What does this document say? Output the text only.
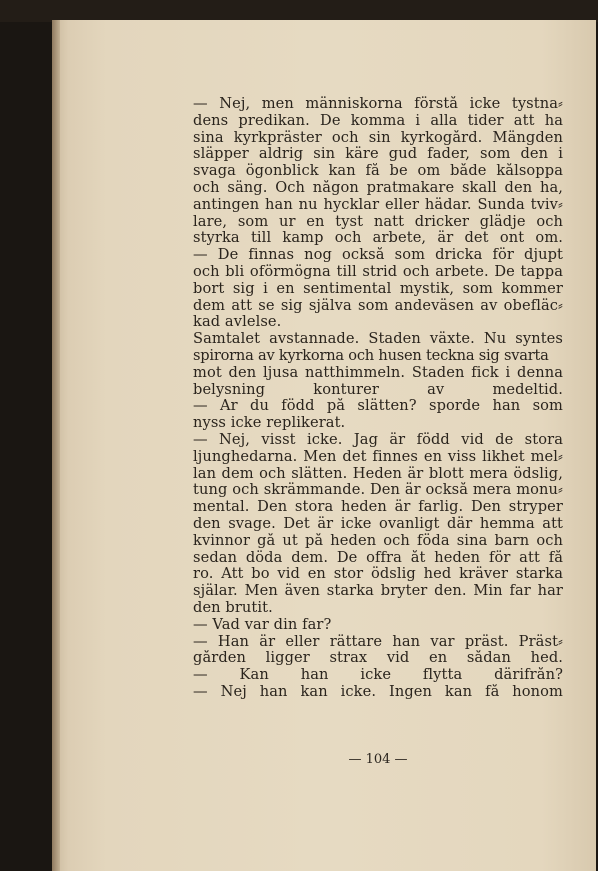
— Nej, men människorna förstå icke tystna⸗
dens predikan. De komma i alla tider att ha
sina kyrkpräster och sin kyrkogård. Mängden
släpper aldrig sin käre gud fader, som den i
svaga ögonblick kan få be om både kålsoppa
och säng. Och någon pratmakare skall den ha,
antingen han nu hycklar eller hädar. Sunda tviv⸗
lare, som ur en tyst natt dricker glädje och
styrka till kamp och arbete, är det ont om.
— De finnas nog också som dricka för djupt
och bli oförmögna till strid och arbete. De tappa
bort sig i en sentimental mystik, som kommer
dem att se sig själva som andeväsen av obefläc⸗
kad avlelse.
Samtalet avstannade. Staden växte. Nu syntes
spirorna av kyrkorna och husen teckna sig svarta
mot den ljusa natthimmeln. Staden fick i denna
belysning konturer av medeltid.
— Är du född på slätten? sporde han som
nyss icke replikerat.
— Nej, visst icke. Jag är född vid de stora
ljunghedarna. Men det finnes en viss likhet mel⸗
lan dem och slätten. Heden är blott mera ödslig,
tung och skrämmande. Den är också mera monu⸗
mental. Den stora heden är farlig. Den stryper
den svage. Det är icke ovanligt där hemma att
kvinnor gå ut på heden och föda sina barn och
sedan döda dem. De offra åt heden för att få
ro. Att bo vid en stor ödslig hed kräver starka
själar. Men även starka bryter den. Min far har
den brutit.
— Vad var din far?
— Han är eller rättare han var präst. Präst⸗
gården ligger strax vid en sådan hed.
— Kan han icke flytta därifrån?
— Nej han kan icke. Ingen kan få honom
— 104 —
